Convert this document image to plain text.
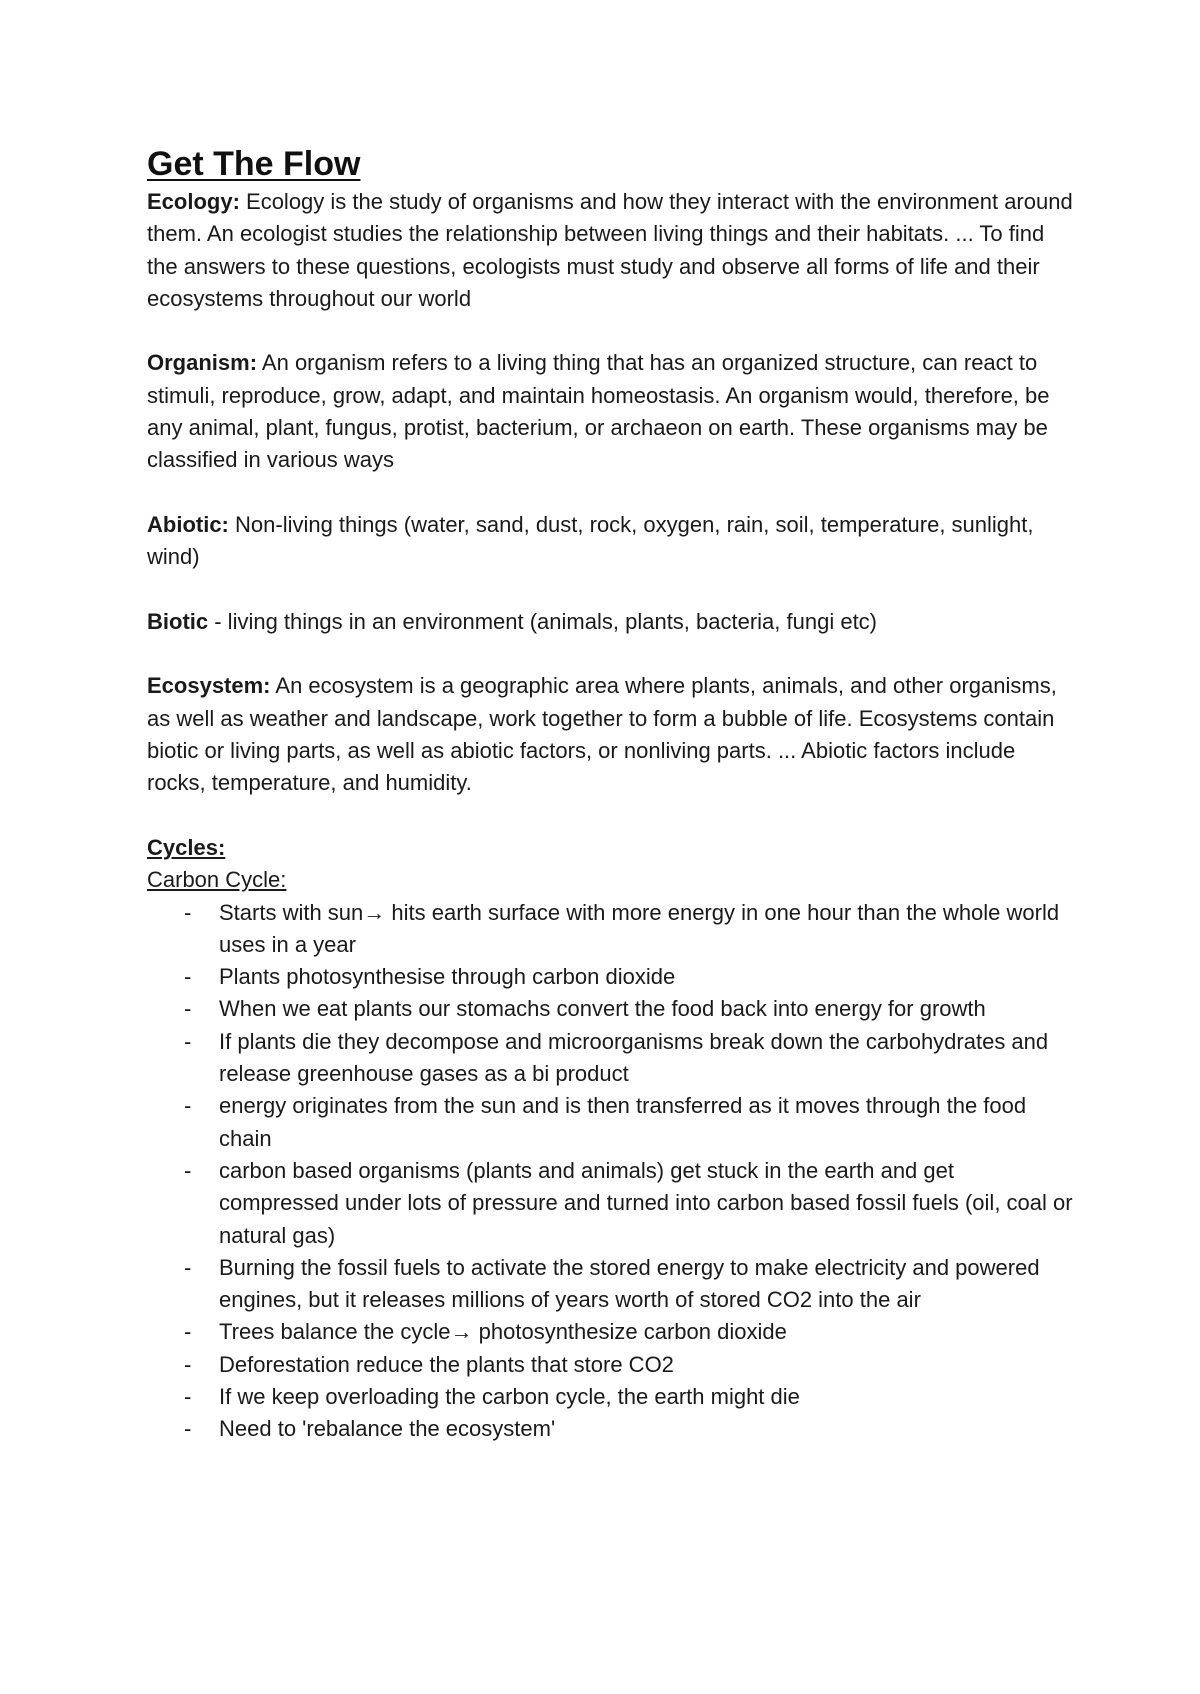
Get The Flow

Ecology: Ecology is the study of organisms and how they interact with the environment around them. An ecologist studies the relationship between living things and their habitats. ... To find the answers to these questions, ecologists must study and observe all forms of life and their ecosystems throughout our world

Organism: An organism refers to a living thing that has an organized structure, can react to stimuli, reproduce, grow, adapt, and maintain homeostasis. An organism would, therefore, be any animal, plant, fungus, protist, bacterium, or archaeon on earth. These organisms may be classified in various ways

Abiotic: Non-living things (water, sand, dust, rock, oxygen, rain, soil, temperature, sunlight, wind)

Biotic - living things in an environment (animals, plants, bacteria, fungi etc)

Ecosystem: An ecosystem is a geographic area where plants, animals, and other organisms, as well as weather and landscape, work together to form a bubble of life. Ecosystems contain biotic or living parts, as well as abiotic factors, or nonliving parts. ... Abiotic factors include rocks, temperature, and humidity.

Cycles:
Carbon Cycle:
- Starts with sun→ hits earth surface with more energy in one hour than the whole world uses in a year
- Plants photosynthesise through carbon dioxide
- When we eat plants our stomachs convert the food back into energy for growth
- If plants die they decompose and microorganisms break down the carbohydrates and release greenhouse gases as a bi product
- energy originates from the sun and is then transferred as it moves through the food chain
- carbon based organisms (plants and animals) get stuck in the earth and get compressed under lots of pressure and turned into carbon based fossil fuels (oil, coal or natural gas)
- Burning the fossil fuels to activate the stored energy to make electricity and powered engines, but it releases millions of years worth of stored CO2 into the air
- Trees balance the cycle→ photosynthesize carbon dioxide
- Deforestation reduce the plants that store CO2
- If we keep overloading the carbon cycle, the earth might die
- Need to 'rebalance the ecosystem'
